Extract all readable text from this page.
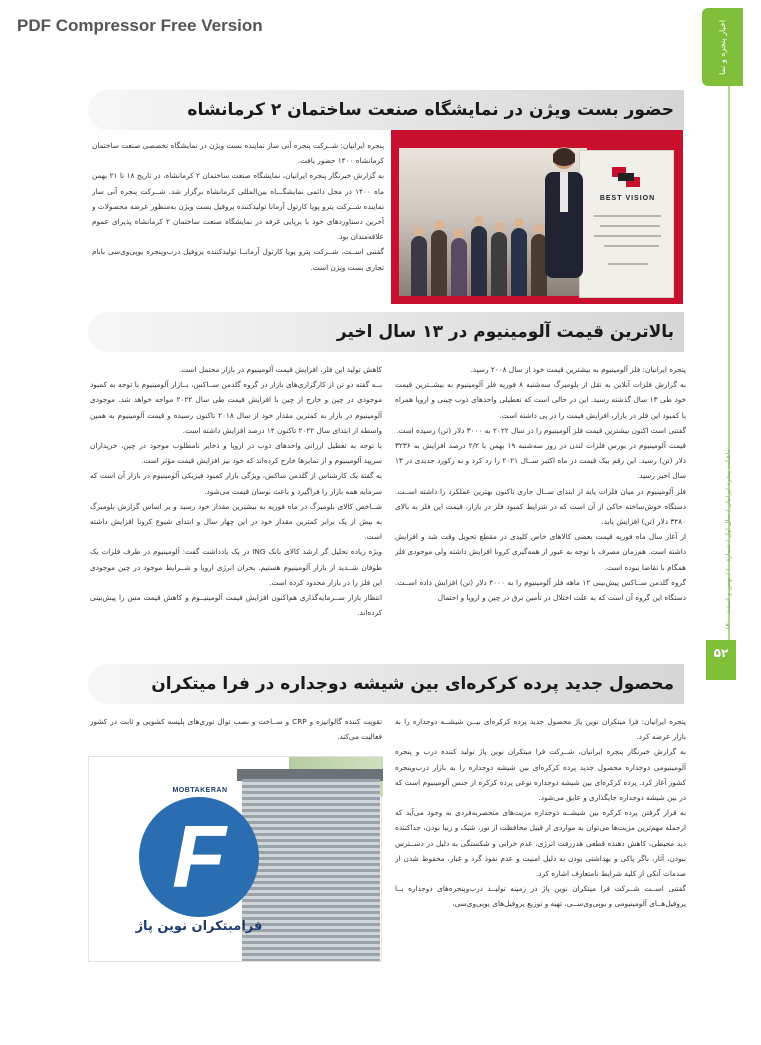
PDF Compressor Free Version	اخبار پنجره و نما
ماهنامه پنجره ایرانیان / سال اول / شماره ۱۰ / بهمن و اسفند ۱۴۰۰
۵۲
حضور بست ویژن در نمایشگاه صنعت ساختمان ۲ کرمانشاه

پنجره ایرانیان: شــرکت پنجره آنی ساز نماینده بست ویژن در نمایشگاه تخصصی صنعت ساختمان کرمانشاه ۱۴۰۰ حضور یافت.

به گزارش خبرنگار پنجره ایرانیان، نمایشگاه صنعت ساختمان ۲ کرمانشاه، در تاریخ ۱۸ تا ۲۱ بهمن ماه ۱۴۰۰ در محل دائمی نمایشگـــاه بین‌المللی کرمانشاه برگزار شد. شــرکت پنجره آنی ساز نماینده شــرکت پترو پویا کارتول آرمانا تولیدکننده پروفیل بست ویژن به‌منظور عرضه محصولات و آخرین دستاوردهای خود با برپایی غرفه در نمایشگاه صنعت ساختمان ۲ کرمانشاه پذیرای عموم علاقه‌مندان بود.

گفتنی اســت، شــرکت پترو پویا کارتول آرمانــا تولیدکننده پروفیل درب‌وپنجره یوپی‌وی‌سی بانام تجاری بست ویژن است.

BEST VISION
بالاترین قیمت آلومینیوم در ۱۳ سال اخیر

پنجره ایرانیان: فلز آلومینیوم به بیشترین قیمت خود از سال ۲۰۰۸ رسید.

به گزارش فلزات آنلاین به نقل از بلومبرگ سه‌شنبه ۸ فوریه فلز آلومینیوم به بیشــترین قیمت خود طی ۱۳ سال گذشته رسید. این در حالی است که تعطیلی واحدهای ذوب چینی و اروپا همراه با کمبود این فلز در بازار، افزایش قیمت را در پی داشته است.

گفتنی است اکنون بیشترین قیمت فلز آلومینیوم را در سال ۲۰۲۲ به ۳۰۰۰ دلار (تن) رسیده است.

قیمت آلومینیوم در بورس فلزات لندن در روز سه‌شنبه ۱۹ بهمن با ۲/۲ درصد افزایش به ۳۲۳۶ دلار (تن) رسید. این رقم بیک قیمت در ماه اکتبر ســال ۲۰۲۱ را رد کرد و به رکورد جدیدی در ۱۳ سال اخیر رسید.

فلز آلومینیوم در میان فلزات پایه از ابتدای ســال جاری تاکنون بهترین عملکرد را داشته اســت. دستگاه خوش‌ساخته حاکی از آن است که در شرایط کمبود فلز در بازار، قیمت این فلز به بالای ۳۴۸۰ دلار (تن) افزایش یابد.

از آغاز سال ماه فوریه قیمت بعضی کالاهای خاص کلیدی در مقطع تحویل وقت شد و افزایش داشته است. هم‌زمان مصرف با توجه به عبور از همه‌گیری کرونا افزایش داشته ولی موجودی فلز همگام با تقاضا نبوده است.

گروه گلدمن ســاکس پیش‌بینی ۱۲ ماهه فلز آلومینیوم را به ۴۰۰۰ دلار (تن) افزایش داده اســت. دستگاه این گروه آن است که به علت اختلال در تأمین برق در چین و اروپا و احتمال

کاهش تولید این فلز، افزایش قیمت آلومینیوم در بازار محتمل است.

بــه گفته دو تن از کارگزاری‌های بازار در گروه گلدمن ســاکس، بــازار آلومینیوم با توجه به کمبود موجودی در چین و خارج از چین با افزایش قیمت طی سال ۲۰۲۲ مواجه خواهد شد. موجودی آلومینیوم در بازار به کمترین مقدار خود از سال ۲۰۱۸ تاکنون رسیده و قیمت آلومینیوم به همین واسطه از ابتدای سال ۲۰۲۲ تاکنون ۱۴ درصد افزایش داشته است.

با توجه به تعطیل ارزانی واحدهای ذوب در اروپا و ذخایر نامطلوب موجود در چین، خریداران سرپید آلومینیوم و از تمایزها خارج کرده‌اند که خود نیز افزایش قیمت مؤثر است.

به گفته یک کارشناس از گلدمن ساکس، ویژگی بازار کمبود فیزیکی آلومینیوم در بازار آن است که سرمایه همه بازار را فراگیرد و باعث نوسان قیمت می‌شود.

شــاخص کالای بلومبرگ در ماه فوریه به بیشترین مقدار خود رسید و بر اساس گزارش بلومبرگ به بیش از یک برابر کمترین مقدار خود در این چهار سال و ابتدای شیوع کرونا افزایش داشته است.

ویژه زیاده تحلیل گر ارشد کالای بانک ING در یک یادداشت گفت: آلومینیوم در طرف فلزات یک طوفان شــدید از بازار آلومینیوم هستیم. بحران انرژی اروپا و شــرایط موجود در چین موجودی این فلز را در بازار محدود کرده است.

انتظار بازار ســرمایه‌گذاری هم‌اکنون افزایش قیمت آلومینیــوم و کاهش قیمت مس را پیش‌بینی کرده‌اند.

محصول جدید پرده کرکره‌ای بین شیشه دوجداره در فرا میتکران

پنجره ایرانیان: فرا میتکران نوین پاژ محصول جدید پرده کرکره‌ای بیــن شیشــه دوجداره را به بازار عرضه کرد.

به گزارش خبرنگار پنجره ایرانیان، شــرکت فرا میتکران نوین پاژ تولید کننده درب و پنجره آلومینیومی دوجداره محصول جدید پرده کرکره‌ای بین شیشه دوجداره را به بازار درب‌وپنجره کشور آغاز کرد. پرده کرکره‌ای بین شیشه دوجداره نوعی پرده کرکره از جنس آلومینیوم است که در بین شیشه دوجداره جایگذاری و عایق می‌شود.

به قرار گرفتن پرده کرکره بین شیشــه دوجداره مزیت‌های منحصربه‌فردی به وجود می‌آید که ازجمله مهم‌ترین مزیت‌ها می‌توان به مواردی از قبیل محافظت از نور، شبک و زیبا بودن، جداکننده دید محیطی، کاهش دهنده قطعی هدررفت انرژی، عدم خرابی و شکستگی به دلیل در دســترس نبودن، آثار، ناگر پاکی و بهداشتی بودن به دلیل امنیت و عدم نفوذ گرد و غبار، محفوظ شدن از صدمات آنکی از کلیه شرایط نامتعارف اشاره کرد.

گفتنی اســت شــرکت فرا میتکران نوین پاژ در زمینه تولیــد درب‌وپنجره‌های دوجداره بــا پروفیل‌هــای آلومینیومی و یوپی‌وی‌ســی، تهیه و توزیع پروفیل‌های یوپی‌وی‌سی،

تقویت کننده گالوانیزه و CRP و ســاخت و نصب توال‌ توری‌های پلیسه کشویی و ثابت در کشور فعالیت می‌کند.

F
MOBTAKERAN
فرامبتکران نوین پاژ
